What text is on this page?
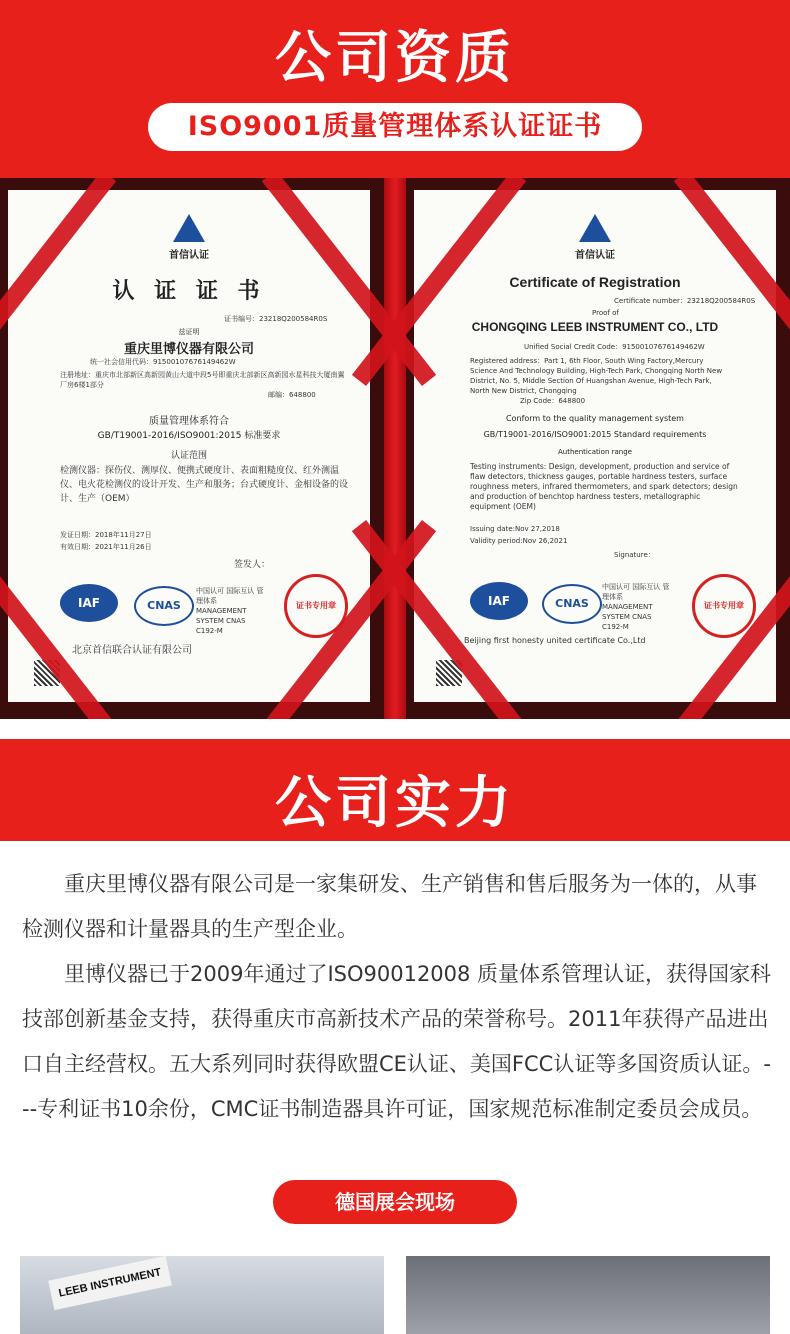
公司资质
ISO9001质量管理体系认证证书
首信认证
认 证 证 书
证书编号：23218Q200584R0S
兹证明
重庆里博仪器有限公司
统一社会信用代码：91500107676149462W
注册地址：重庆市北部新区高新园黄山大道中段5号即重庆北部新区高新园水星科技大厦南翼厂房6楼1部分
邮编：648800
质量管理体系符合
GB/T19001-2016/ISO9001:2015 标准要求
认证范围
检测仪器：探伤仪、测厚仪、便携式硬度计、表面粗糙度仪、红外测温仪、电火花检测仪的设计开发、生产和服务；台式硬度计、金相设备的设计、生产（OEM）
发证日期：2018年11月27日
有效日期：2021年11月26日
签发人：
IAF	CNAS
中国认可 国际互认 管理体系 MANAGEMENT SYSTEM CNAS C192-M
证书专用章
北京首信联合认证有限公司
首信认证
Certificate of Registration
Certificate number：23218Q200584R0S
Proof of
CHONGQING LEEB INSTRUMENT CO., LTD
Unified Social Credit Code：91500107676149462W
Registered address：Part 1, 6th Floor, South Wing Factory,Mercury Science And Technology Building, High-Tech Park, Chongqing North New District, No. 5, Middle Section Of Huangshan Avenue, High-Tech Park, North New District, Chongqing
Zip Code：648800
Conform to the quality management system
GB/T19001-2016/ISO9001:2015 Standard requirements
Authentication range
Testing instruments: Design, development, production and service of flaw detectors, thickness gauges, portable hardness testers, surface roughness meters, infrared thermometers, and spark detectors; design and production of benchtop hardness testers, metallographic equipment (OEM)
Issuing date:Nov 27,2018
Validity period:Nov 26,2021
Signature：
IAF	CNAS
中国认可 国际互认 管理体系 MANAGEMENT SYSTEM CNAS C192-M
证书专用章
Beijing first honesty united certificate Co.,Ltd
公司实力

重庆里博仪器有限公司是一家集研发、生产销售和售后服务为一体的，从事检测仪器和计量器具的生产型企业。

里博仪器已于2009年通过了ISO90012008 质量体系管理认证，获得国家科技部创新基金支持，获得重庆市高新技术产品的荣誉称号。2011年获得产品进出口自主经营权。五大系列同时获得欧盟CE认证、美国FCC认证等多国资质认证。---专利证书10余份，CMC证书制造器具许可证，国家规范标准制定委员会成员。

德国展会现场
LEEB INSTRUMENT
